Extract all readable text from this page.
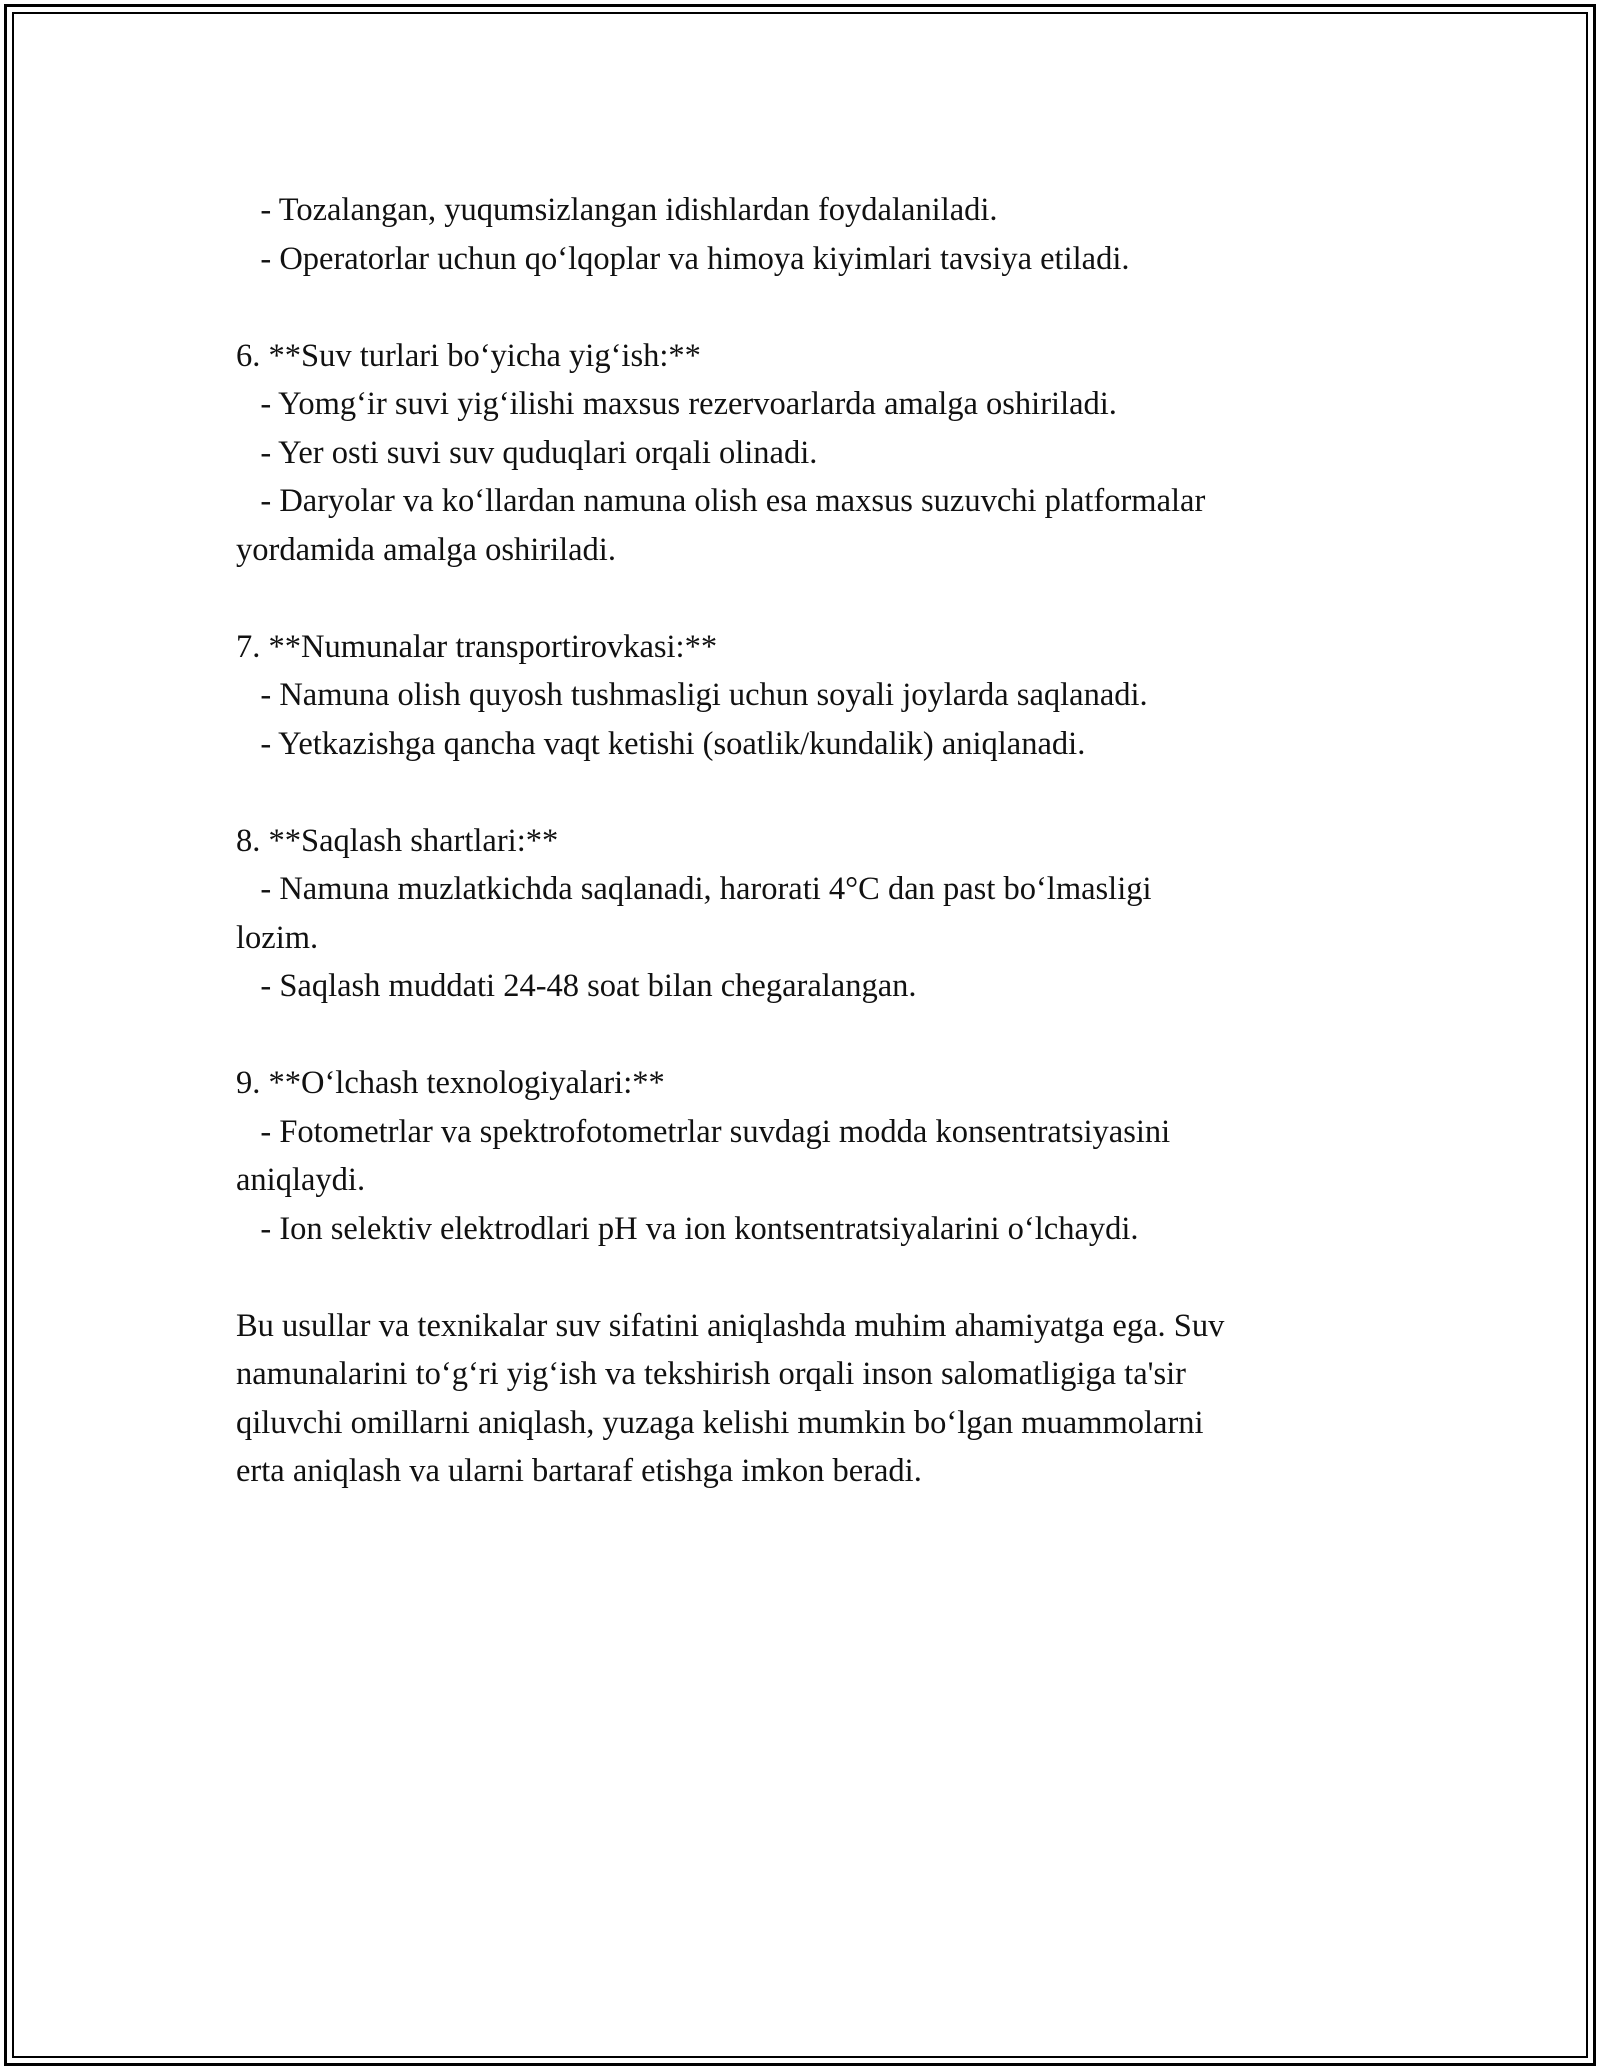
- Tozalangan, yuqumsizlangan idishlardan foydalaniladi.
- Operatorlar uchun qo‘lqoplar va himoya kiyimlari tavsiya etiladi.
6. **Suv turlari bo‘yicha yig‘ish:**
- Yomg‘ir suvi yig‘ilishi maxsus rezervoarlarda amalga oshiriladi.
- Yer osti suvi suv quduqlari orqali olinadi.
- Daryolar va ko‘llardan namuna olish esa maxsus suzuvchi platformalar
yordamida amalga oshiriladi.
7. **Numunalar transportirovkasi:**
- Namuna olish quyosh tushmasligi uchun soyali joylarda saqlanadi.
- Yetkazishga qancha vaqt ketishi (soatlik/kundalik) aniqlanadi.
8. **Saqlash shartlari:**
- Namuna muzlatkichda saqlanadi, harorati 4°C dan past bo‘lmasligi
lozim.
- Saqlash muddati 24-48 soat bilan chegaralangan.
9. **O‘lchash texnologiyalari:**
- Fotometrlar va spektrofotometrlar suvdagi modda konsentratsiyasini
aniqlaydi.
- Ion selektiv elektrodlari pH va ion kontsentratsiyalarini o‘lchaydi.
Bu usullar va texnikalar suv sifatini aniqlashda muhim ahamiyatga ega. Suv
namunalarini to‘g‘ri yig‘ish va tekshirish orqali inson salomatligiga ta'sir
qiluvchi omillarni aniqlash, yuzaga kelishi mumkin bo‘lgan muammolarni
erta aniqlash va ularni bartaraf etishga imkon beradi.
